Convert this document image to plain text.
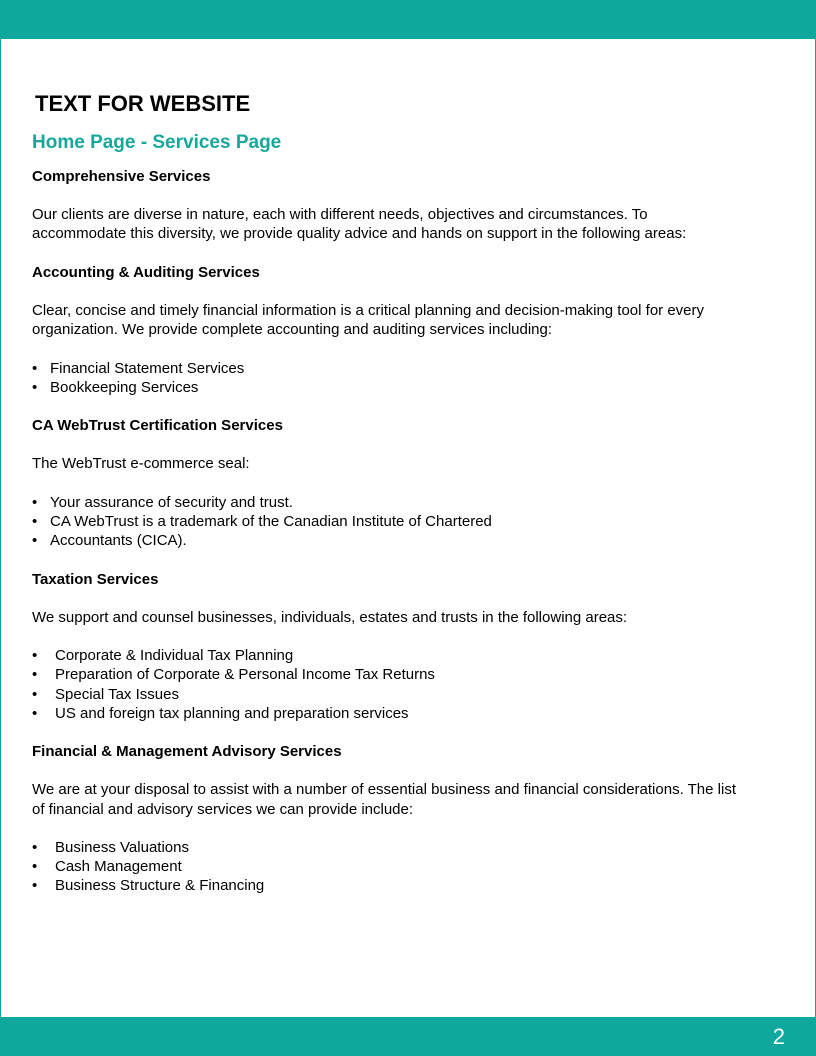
TEXT FOR WEBSITE
Home Page - Services Page
Comprehensive Services

Our clients are diverse in nature, each with different needs, objectives and circumstances. To

accommodate this diversity, we provide quality advice and hands on support in the following areas:

Accounting & Auditing Services

Clear, concise and timely financial information is a critical planning and decision-making tool for every

organization. We provide complete accounting and auditing services including:

• Financial Statement Services
• Bookkeeping Services
CA WebTrust Certification Services

The WebTrust e-commerce seal:

• Your assurance of security and trust.
• CA WebTrust is a trademark of the Canadian Institute of Chartered
• Accountants (CICA).
Taxation Services

We support and counsel businesses, individuals, estates and trusts in the following areas:

• Corporate & Individual Tax Planning
• Preparation of Corporate & Personal Income Tax Returns
• Special Tax Issues
• US and foreign tax planning and preparation services
Financial & Management Advisory Services

We are at your disposal to assist with a number of essential business and financial considerations. The list

of financial and advisory services we can provide include:

• Business Valuations
• Cash Management
• Business Structure & Financing
2
